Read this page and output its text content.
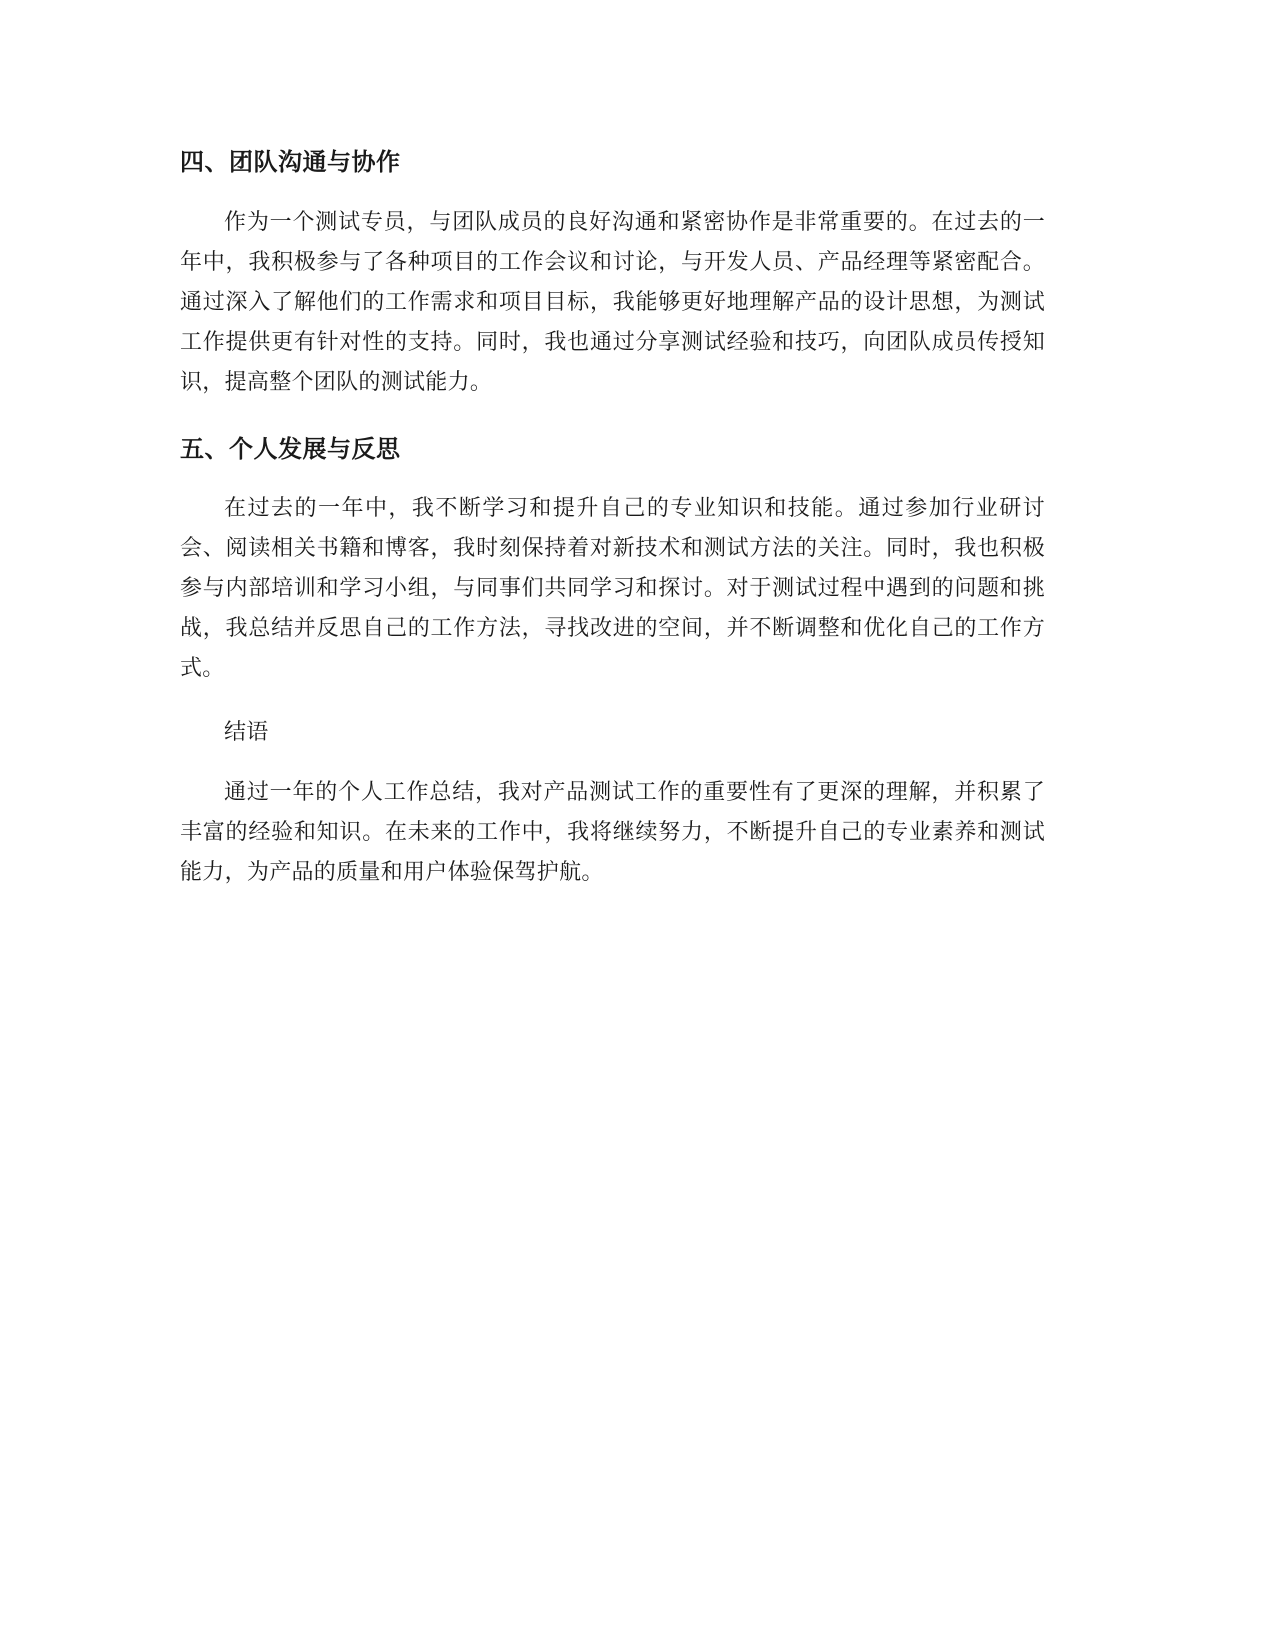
四、团队沟通与协作

作为一个测试专员，与团队成员的良好沟通和紧密协作是非常重要的。在过去的一年中，我积极参与了各种项目的工作会议和讨论，与开发人员、产品经理等紧密配合。通过深入了解他们的工作需求和项目目标，我能够更好地理解产品的设计思想，为测试工作提供更有针对性的支持。同时，我也通过分享测试经验和技巧，向团队成员传授知识，提高整个团队的测试能力。

五、个人发展与反思

在过去的一年中，我不断学习和提升自己的专业知识和技能。通过参加行业研讨会、阅读相关书籍和博客，我时刻保持着对新技术和测试方法的关注。同时，我也积极参与内部培训和学习小组，与同事们共同学习和探讨。对于测试过程中遇到的问题和挑战，我总结并反思自己的工作方法，寻找改进的空间，并不断调整和优化自己的工作方式。

结语

通过一年的个人工作总结，我对产品测试工作的重要性有了更深的理解，并积累了丰富的经验和知识。在未来的工作中，我将继续努力，不断提升自己的专业素养和测试能力，为产品的质量和用户体验保驾护航。
